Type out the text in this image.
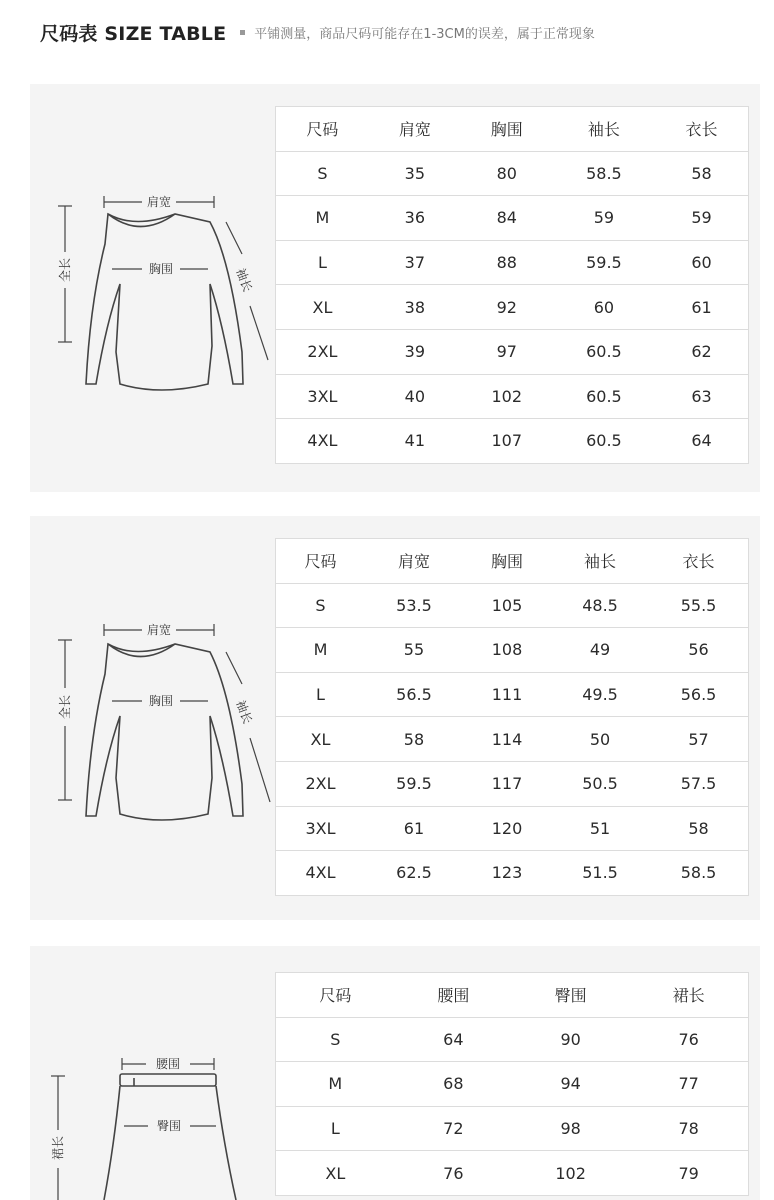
尺码表 SIZE TABLE 平铺测量，商品尺码可能存在1-3CM的误差，属于正常现象
肩宽
胸围
全长	袖长
尺码	肩宽	胸围	袖长	衣长
S	35	80	58.5	58
M	36	84	59	59
L	37	88	59.5	60
XL	38	92	60	61
2XL	39	97	60.5	62
3XL	40	102	60.5	63
4XL	41	107	60.5	64
肩宽
胸围
全长	袖长
尺码	肩宽	胸围	袖长	衣长
S	53.5	105	48.5	55.5
M	55	108	49	56
L	56.5	111	49.5	56.5
XL	58	114	50	57
2XL	59.5	117	50.5	57.5
3XL	61	120	51	58
4XL	62.5	123	51.5	58.5
腰围
臀围
裙长
尺码	腰围	臀围	裙长
S	64	90	76
M	68	94	77
L	72	98	78
XL	76	102	79
